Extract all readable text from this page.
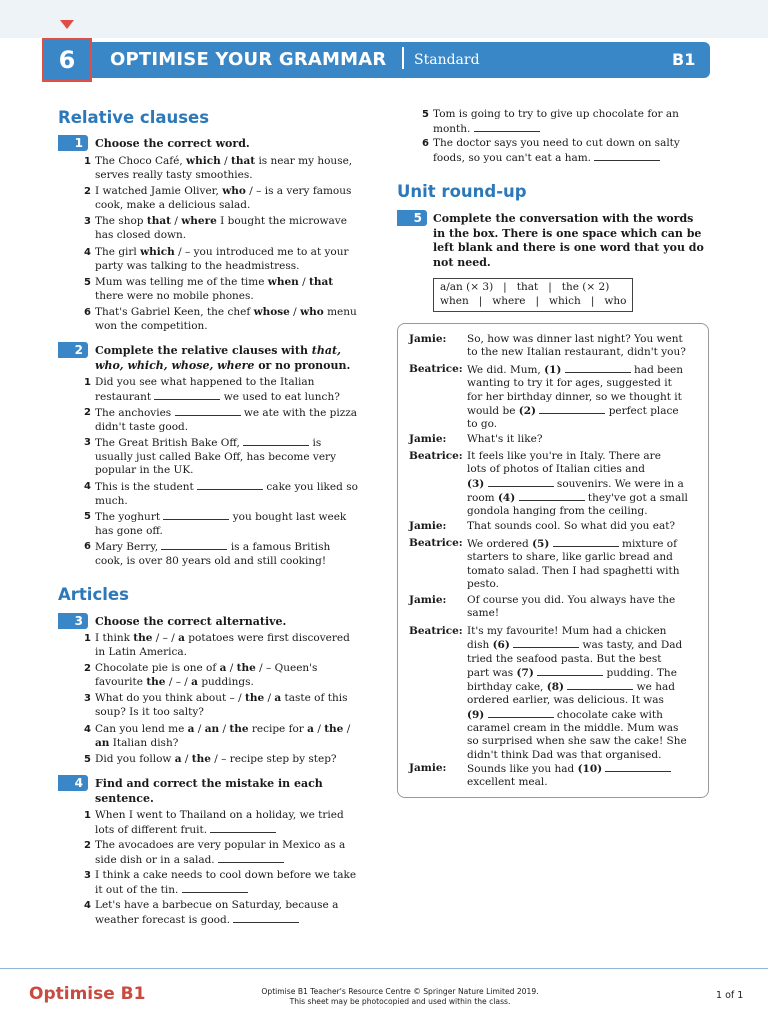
6	OPTIMISE YOUR GRAMMAR Standard	B1
Relative clauses
1	Choose the correct word.
1 The Choco Café, which / that is near my house,
serves really tasty smoothies.
2 I watched Jamie Oliver, who / – is a very famous
cook, make a delicious salad.
3 The shop that / where I bought the microwave
has closed down.
4 The girl which / – you introduced me to at your
party was talking to the headmistress.
5 Mum was telling me of the time when / that
there were no mobile phones.
6 That's Gabriel Keen, the chef whose / who menu
won the competition.
2	Complete the relative clauses with that,
who, which, whose, where or no pronoun.
1 Did you see what happened to the Italian
restaurant	we used to eat lunch?
2 The anchovies	we ate with the pizza
didn't taste good.
3 The Great British Bake Off,	is
usually just called Bake Off, has become very
popular in the UK.
4 This is the student	cake you liked so
much.
5 The yoghurt	you bought last week
has gone off.
6 Mary Berry,	is a famous British
cook, is over 80 years old and still cooking!
Articles
3	Choose the correct alternative.
1 I think the / – / a potatoes were first discovered
in Latin America.
2 Chocolate pie is one of a / the / – Queen's
favourite the / – / a puddings.
3 What do you think about – / the / a taste of this
soup? Is it too salty?
4 Can you lend me a / an / the recipe for a / the /
an Italian dish?
5 Did you follow a / the / – recipe step by step?
4	Find and correct the mistake in each
sentence.
1 When I went to Thailand on a holiday, we tried
lots of different fruit.
2 The avocadoes are very popular in Mexico as a
side dish or in a salad.
3 I think a cake needs to cool down before we take
it out of the tin.
4 Let's have a barbecue on Saturday, because a
weather forecast is good.
5 Tom is going to try to give up chocolate for an
month.
6 The doctor says you need to cut down on salty
foods, so you can't eat a ham.
Unit round-up
5	Complete the conversation with the words
in the box. There is one space which can be
left blank and there is one word that you do
not need.
a/an (× 3)   |   that   |   the (× 2)
when   |   where   |   which   |   who
Jamie: So, how was dinner last night? You went
to the new Italian restaurant, didn't you?
Beatrice: We did. Mum, (1)	had been
wanting to try it for ages, suggested it
for her birthday dinner, so we thought it
would be (2)	perfect place
to go.
Jamie: What's it like?
Beatrice: It feels like you're in Italy. There are
lots of photos of Italian cities and
(3)	souvenirs. We were in a
room (4)	they've got a small
gondola hanging from the ceiling.
Jamie: That sounds cool. So what did you eat?
Beatrice: We ordered (5)	mixture of
starters to share, like garlic bread and
tomato salad. Then I had spaghetti with
pesto.
Jamie: Of course you did. You always have the
same!
Beatrice: It's my favourite! Mum had a chicken
dish (6)	was tasty, and Dad
tried the seafood pasta. But the best
part was (7)	pudding. The
birthday cake, (8)	we had
ordered earlier, was delicious. It was
(9)	chocolate cake with
caramel cream in the middle. Mum was
so surprised when she saw the cake! She
didn't think Dad was that organised.
Jamie: Sounds like you had (10)
excellent meal.
Optimise B1	Optimise B1 Teacher's Resource Centre © Springer Nature Limited 2019.
This sheet may be photocopied and used within the class.
1 of 1
